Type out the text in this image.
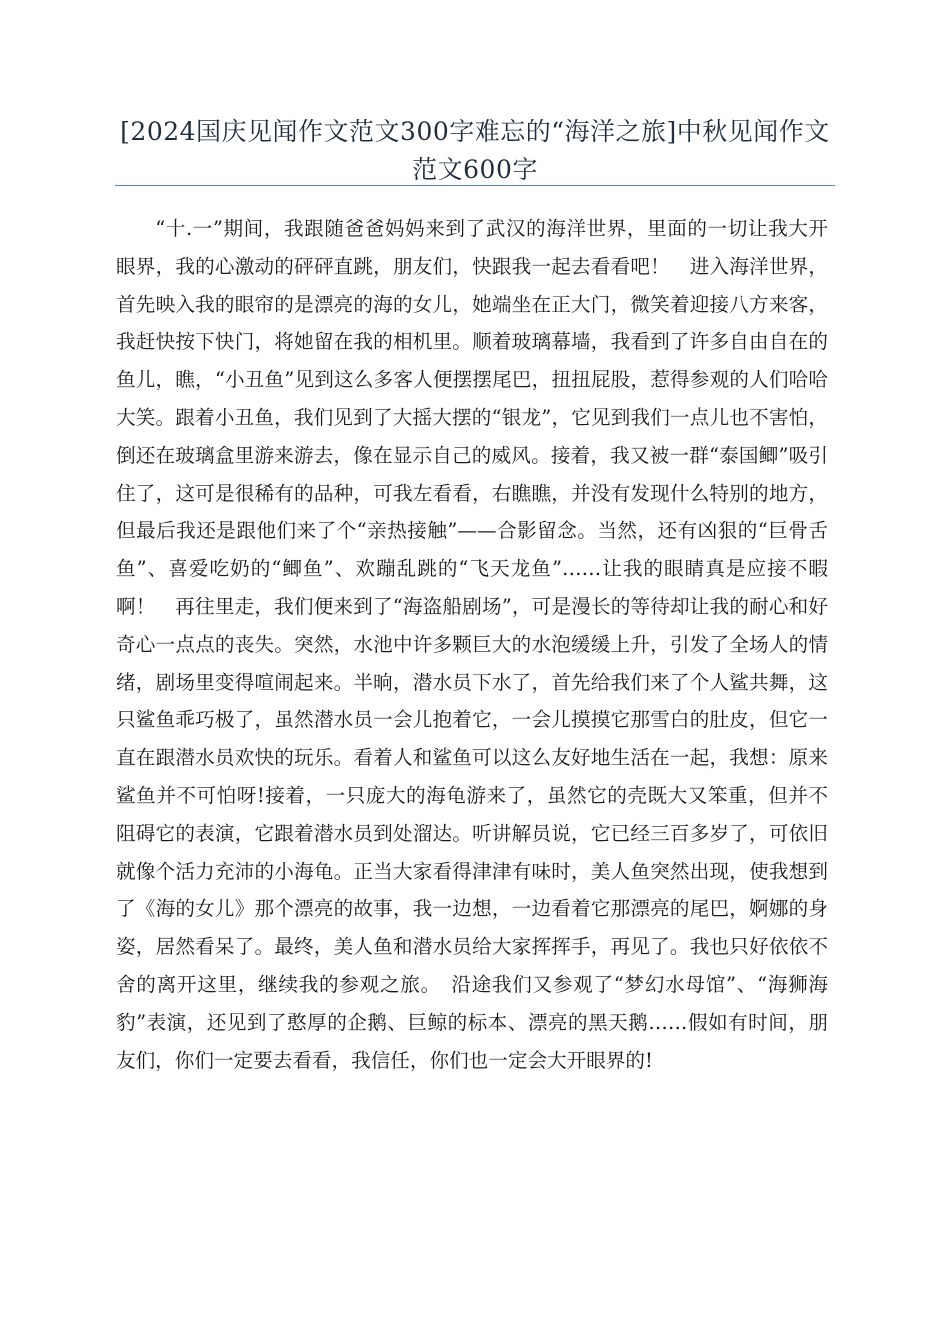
[2024国庆见闻作文范文300字难忘的“海洋之旅]中秋见闻作文范文600字

“十.一”期间，我跟随爸爸妈妈来到了武汉的海洋世界，里面的一切让我大开眼界，我的心激动的砰砰直跳，朋友们，快跟我一起去看看吧！　进入海洋世界，首先映入我的眼帘的是漂亮的海的女儿，她端坐在正大门，微笑着迎接八方来客，我赶快按下快门，将她留在我的相机里。顺着玻璃幕墙，我看到了许多自由自在的鱼儿，瞧，“小丑鱼”见到这么多客人便摆摆尾巴，扭扭屁股，惹得参观的人们哈哈大笑。跟着小丑鱼，我们见到了大摇大摆的“银龙”，它见到我们一点儿也不害怕，倒还在玻璃盒里游来游去，像在显示自己的威风。接着，我又被一群“泰国鲫”吸引住了，这可是很稀有的品种，可我左看看，右瞧瞧，并没有发现什么特别的地方，但最后我还是跟他们来了个“亲热接触”——合影留念。当然，还有凶狠的“巨骨舌鱼”、喜爱吃奶的“鲫鱼”、欢蹦乱跳的“飞天龙鱼”……让我的眼睛真是应接不暇啊！　再往里走，我们便来到了“海盗船剧场”，可是漫长的等待却让我的耐心和好奇心一点点的丧失。突然，水池中许多颗巨大的水泡缓缓上升，引发了全场人的情绪，剧场里变得喧闹起来。半晌，潜水员下水了，首先给我们来了个人鲨共舞，这只鲨鱼乖巧极了，虽然潜水员一会儿抱着它，一会儿摸摸它那雪白的肚皮，但它一直在跟潜水员欢快的玩乐。看着人和鲨鱼可以这么友好地生活在一起，我想：原来鲨鱼并不可怕呀!接着，一只庞大的海龟游来了，虽然它的壳既大又笨重，但并不阻碍它的表演，它跟着潜水员到处溜达。听讲解员说，它已经三百多岁了，可依旧就像个活力充沛的小海龟。正当大家看得津津有味时，美人鱼突然出现，使我想到了《海的女儿》那个漂亮的故事，我一边想，一边看着它那漂亮的尾巴，婀娜的身姿，居然看呆了。最终，美人鱼和潜水员给大家挥挥手，再见了。我也只好依依不舍的离开这里，继续我的参观之旅。　沿途我们又参观了“梦幻水母馆”、“海狮海豹”表演，还见到了憨厚的企鹅、巨鲸的标本、漂亮的黑天鹅……假如有时间，朋友们，你们一定要去看看，我信任，你们也一定会大开眼界的!
